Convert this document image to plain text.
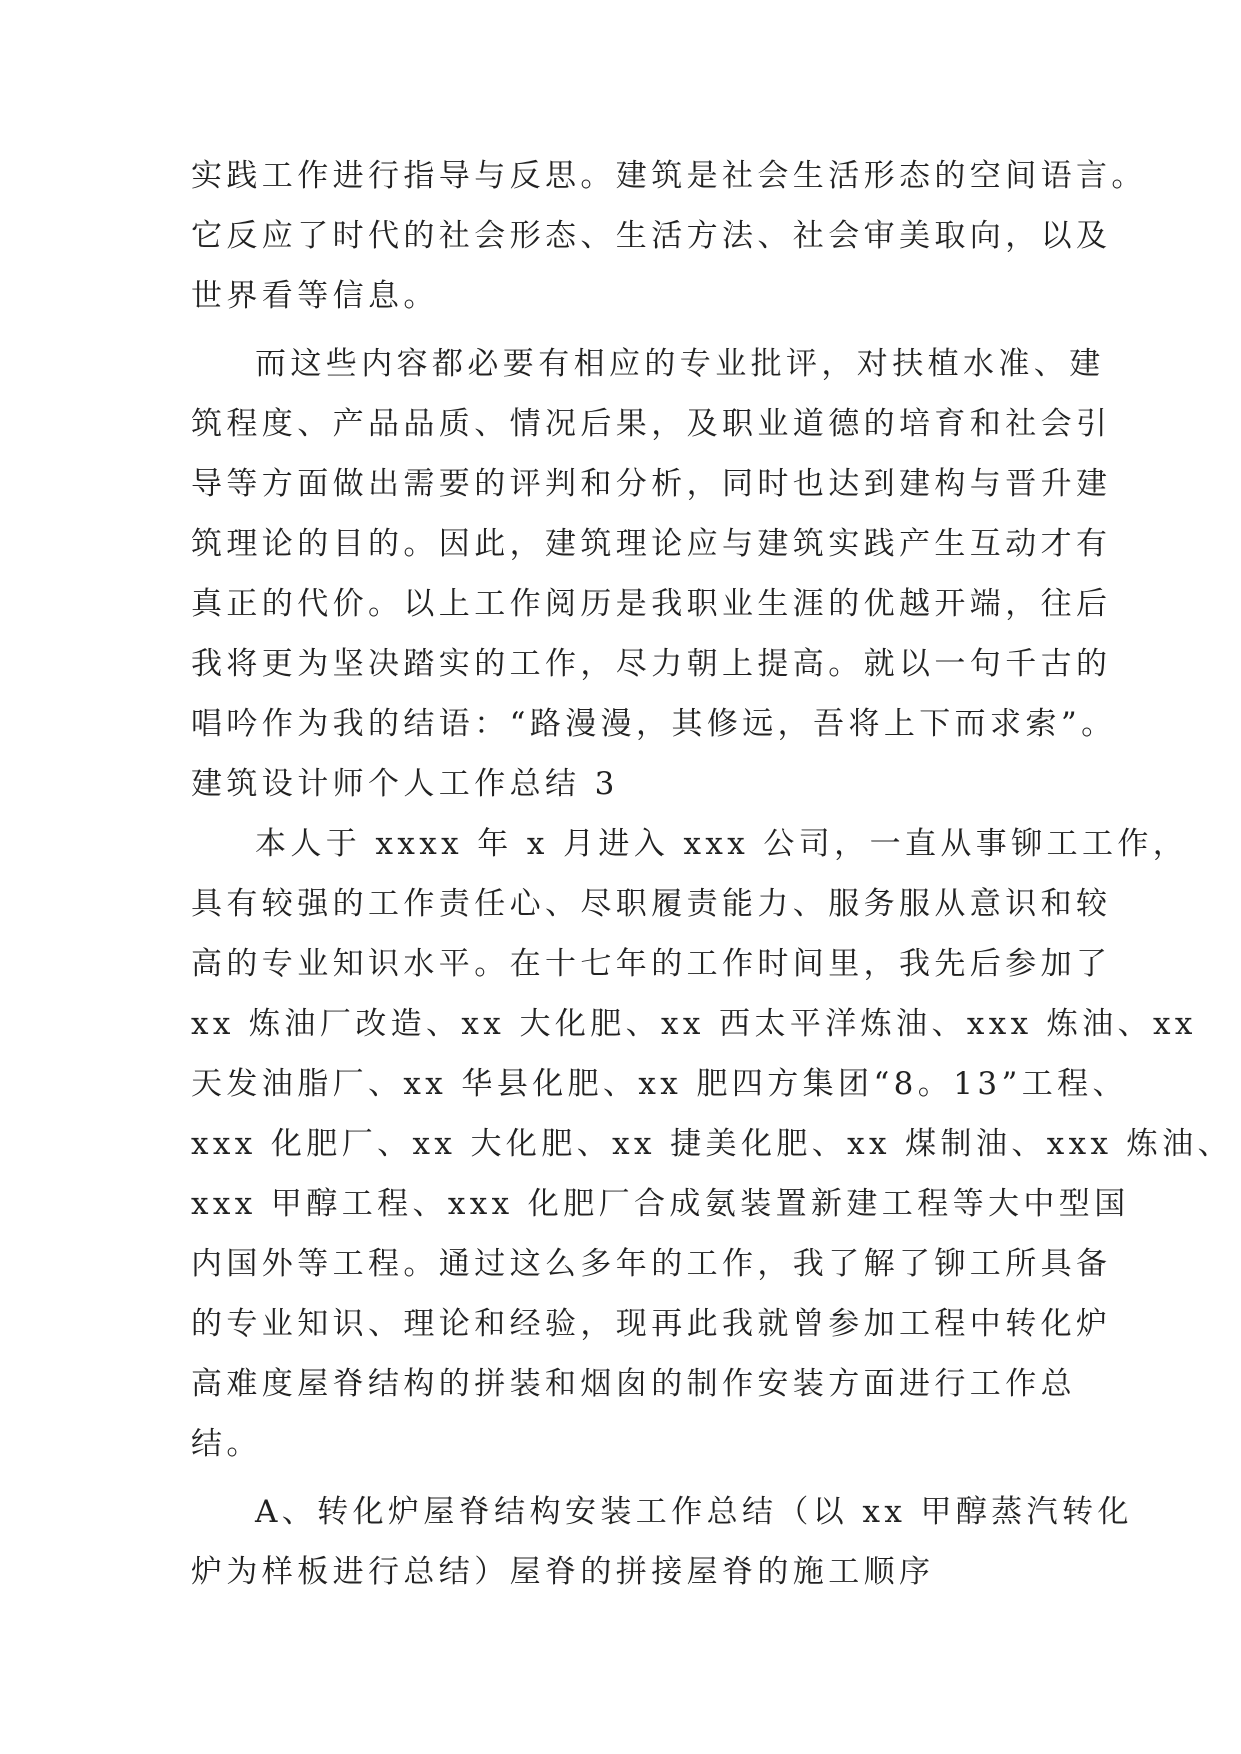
实践工作进行指导与反思。建筑是社会生活形态的空间语言。
它反应了时代的社会形态、生活方法、社会审美取向，以及
世界看等信息。
而这些内容都必要有相应的专业批评，对扶植水准、建
筑程度、产品品质、情况后果，及职业道德的培育和社会引
导等方面做出需要的评判和分析，同时也达到建构与晋升建
筑理论的目的。因此，建筑理论应与建筑实践产生互动才有
真正的代价。以上工作阅历是我职业生涯的优越开端，往后
我将更为坚决踏实的工作，尽力朝上提高。就以一句千古的
唱吟作为我的结语：“路漫漫，其修远，吾将上下而求索”。
建筑设计师个人工作总结 3
本人于 xxxx 年 x 月进入 xxx 公司，一直从事铆工工作，
具有较强的工作责任心、尽职履责能力、服务服从意识和较
高的专业知识水平。在十七年的工作时间里，我先后参加了
xx 炼油厂改造、xx 大化肥、xx 西太平洋炼油、xxx 炼油、xx
天发油脂厂、xx 华县化肥、xx 肥四方集团“8。13”工程、
xxx 化肥厂、xx 大化肥、xx 捷美化肥、xx 煤制油、xxx 炼油、
xxx 甲醇工程、xxx 化肥厂合成氨装置新建工程等大中型国
内国外等工程。通过这么多年的工作，我了解了铆工所具备
的专业知识、理论和经验，现再此我就曾参加工程中转化炉
高难度屋脊结构的拼装和烟囱的制作安装方面进行工作总
结。
A、转化炉屋脊结构安装工作总结（以 xx 甲醇蒸汽转化
炉为样板进行总结）屋脊的拼接屋脊的施工顺序
